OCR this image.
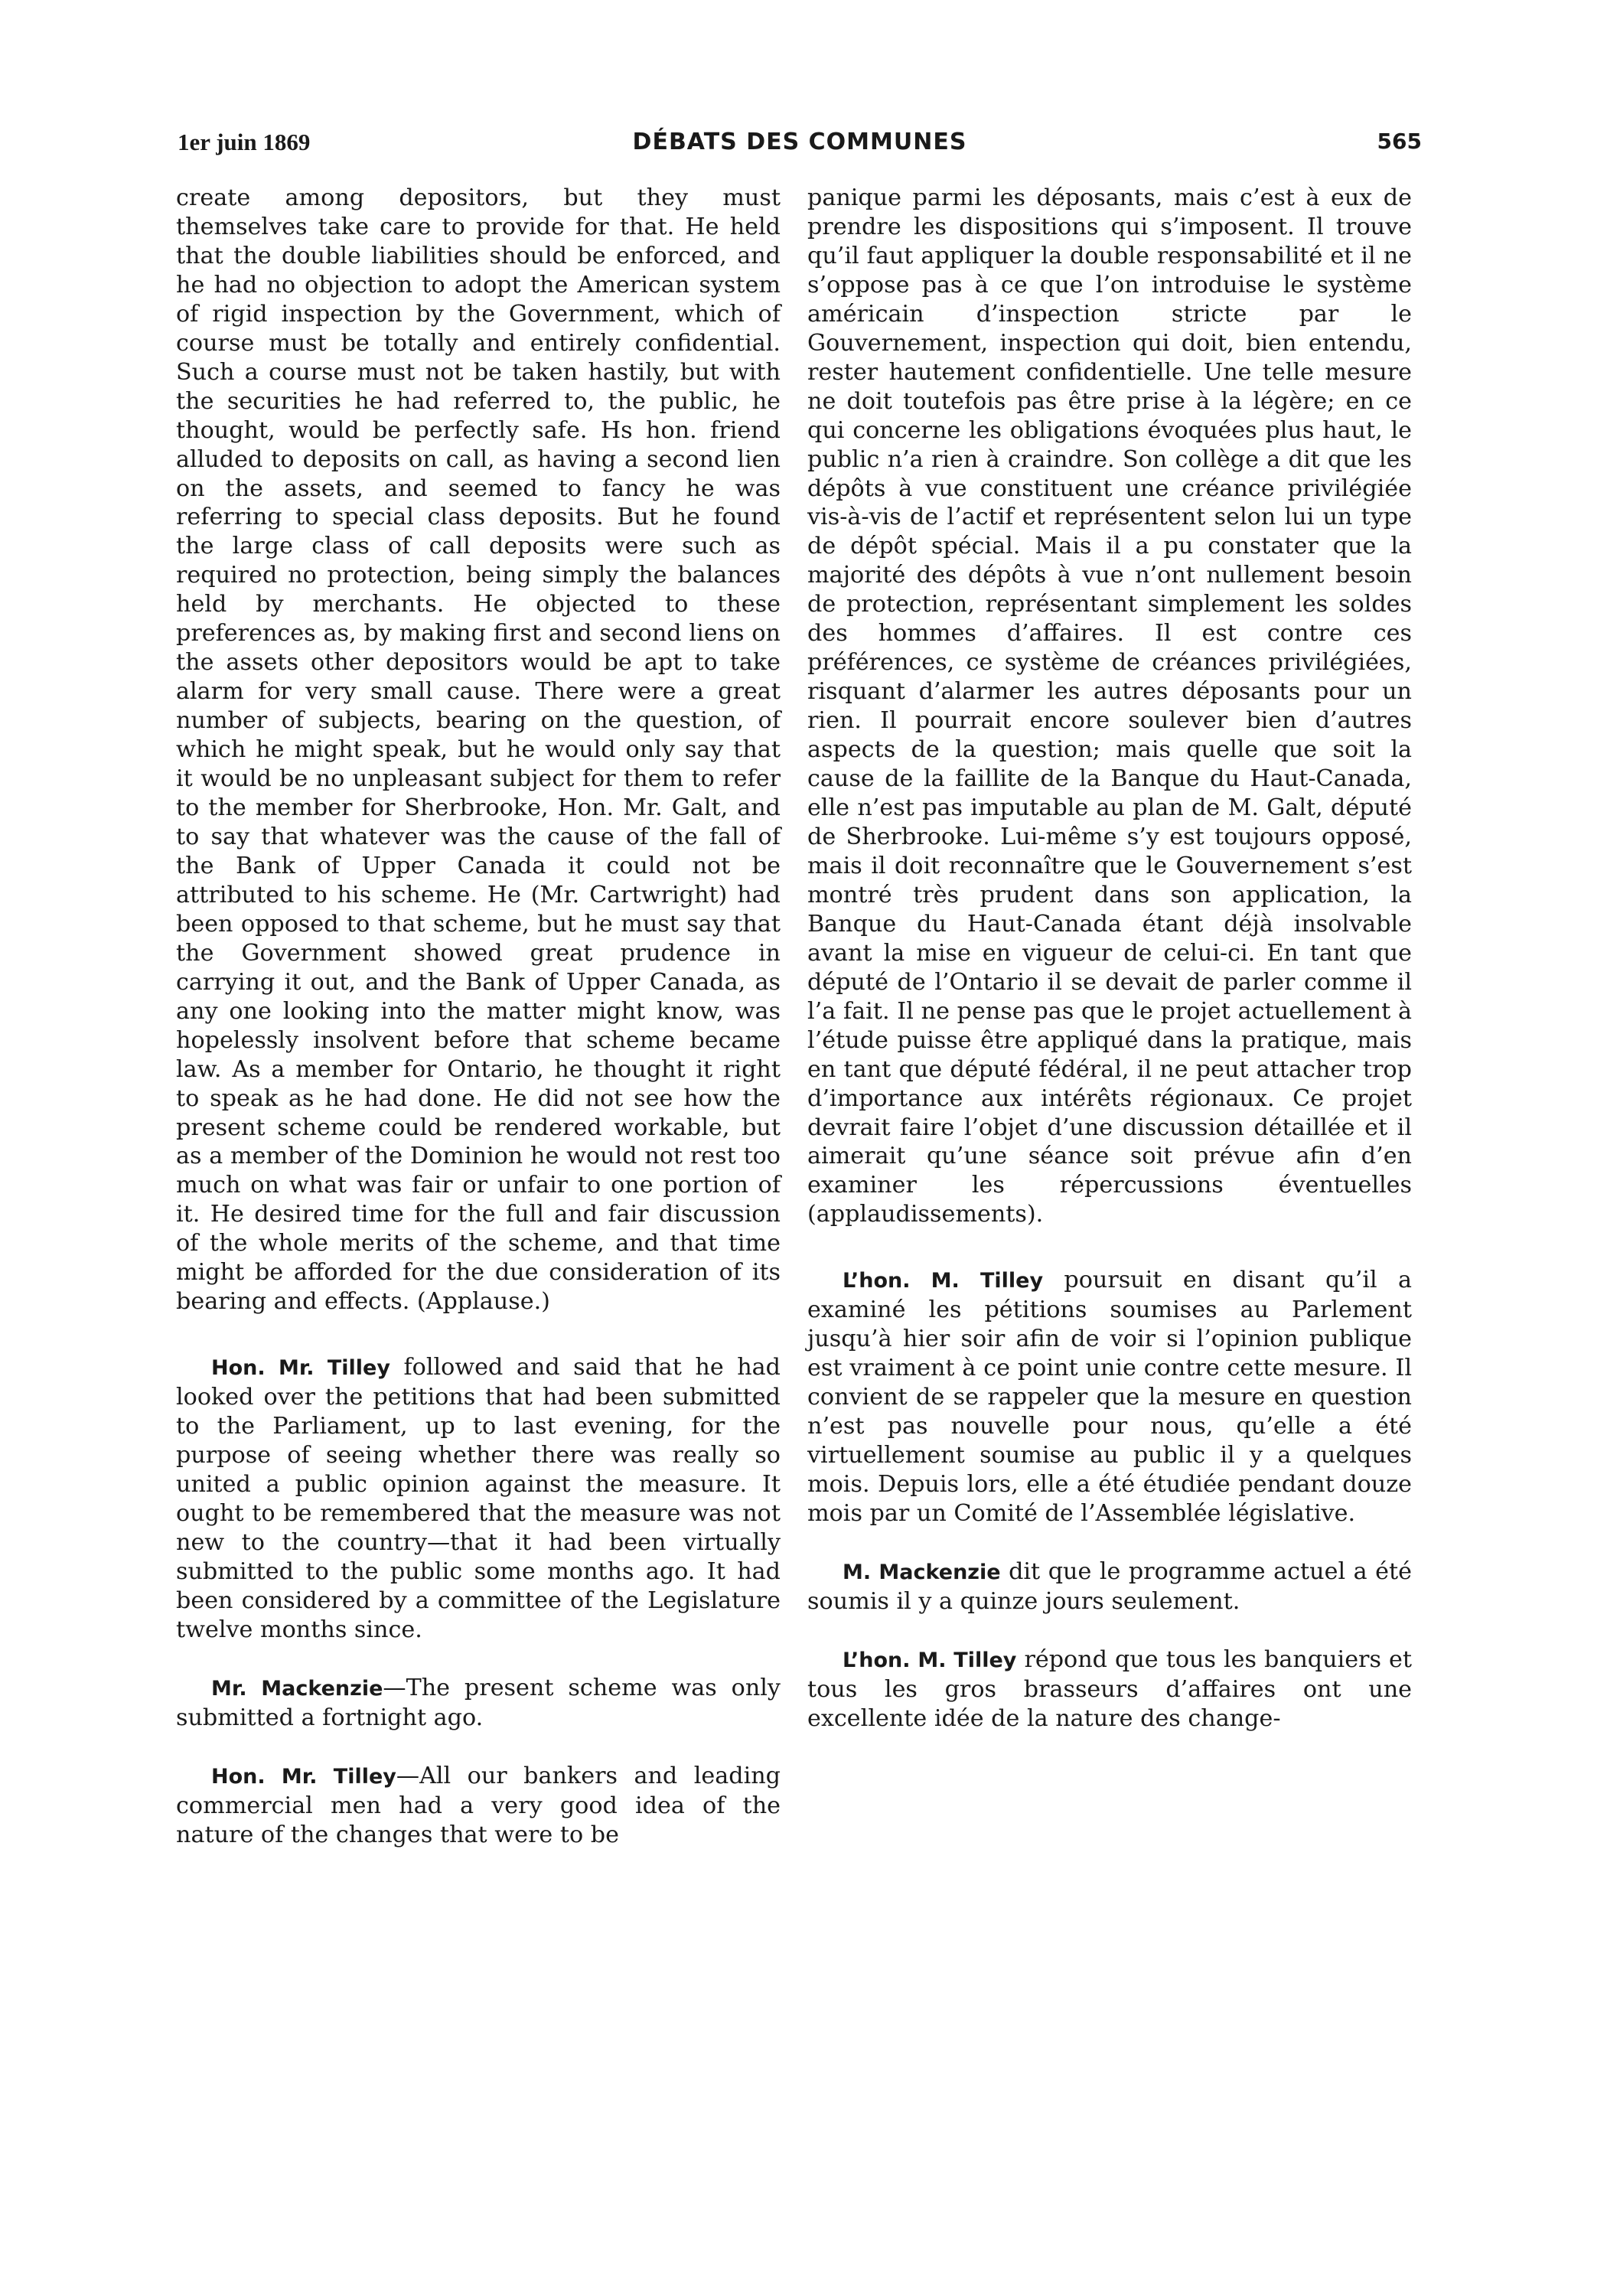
1er juin 1869	DÉBATS DES COMMUNES	565

create among depositors, but they must themselves take care to provide for that. He held that the double liabilities should be enforced, and he had no objection to adopt the American system of rigid inspection by the Government, which of course must be totally and entirely confidential. Such a course must not be taken hastily, but with the securities he had referred to, the public, he thought, would be perfectly safe. Hs hon. friend alluded to deposits on call, as having a second lien on the assets, and seemed to fancy he was referring to special class deposits. But he found the large class of call deposits were such as required no protection, being simply the balances held by merchants. He objected to these preferences as, by making first and second liens on the assets other depositors would be apt to take alarm for very small cause. There were a great number of subjects, bearing on the question, of which he might speak, but he would only say that it would be no unpleasant subject for them to refer to the member for Sherbrooke, Hon. Mr. Galt, and to say that whatever was the cause of the fall of the Bank of Upper Canada it could not be attributed to his scheme. He (Mr. Cartwright) had been opposed to that scheme, but he must say that the Government showed great prudence in carrying it out, and the Bank of Upper Canada, as any one looking into the matter might know, was hopelessly insolvent before that scheme became law. As a member for Ontario, he thought it right to speak as he had done. He did not see how the present scheme could be rendered workable, but as a member of the Dominion he would not rest too much on what was fair or unfair to one portion of it. He desired time for the full and fair discussion of the whole merits of the scheme, and that time might be afforded for the due consideration of its bearing and effects. (Applause.)

Hon. Mr. Tilley followed and said that he had looked over the petitions that had been submitted to the Parliament, up to last evening, for the purpose of seeing whether there was really so united a public opinion against the measure. It ought to be remembered that the measure was not new to the country—that it had been virtually submitted to the public some months ago. It had been considered by a committee of the Legislature twelve months since.

Mr. Mackenzie—The present scheme was only submitted a fortnight ago.

Hon. Mr. Tilley—All our bankers and leading commercial men had a very good idea of the nature of the changes that were to be

panique parmi les déposants, mais c’est à eux de prendre les dispositions qui s’imposent. Il trouve qu’il faut appliquer la double responsabilité et il ne s’oppose pas à ce que l’on introduise le système américain d’inspection stricte par le Gouvernement, inspection qui doit, bien entendu, rester hautement confidentielle. Une telle mesure ne doit toutefois pas être prise à la légère; en ce qui concerne les obligations évoquées plus haut, le public n’a rien à craindre. Son collège a dit que les dépôts à vue constituent une créance privilégiée vis-à-vis de l’actif et représentent selon lui un type de dépôt spécial. Mais il a pu constater que la majorité des dépôts à vue n’ont nullement besoin de protection, représentant simplement les soldes des hommes d’affaires. Il est contre ces préférences, ce système de créances privilégiées, risquant d’alarmer les autres déposants pour un rien. Il pourrait encore soulever bien d’autres aspects de la question; mais quelle que soit la cause de la faillite de la Banque du Haut-Canada, elle n’est pas imputable au plan de M. Galt, député de Sherbrooke. Lui-même s’y est toujours opposé, mais il doit reconnaître que le Gouvernement s’est montré très prudent dans son application, la Banque du Haut-Canada étant déjà insolvable avant la mise en vigueur de celui-ci. En tant que député de l’Ontario il se devait de parler comme il l’a fait. Il ne pense pas que le projet actuellement à l’étude puisse être appliqué dans la pratique, mais en tant que député fédéral, il ne peut attacher trop d’importance aux intérêts régionaux. Ce projet devrait faire l’objet d’une discussion détaillée et il aimerait qu’une séance soit prévue afin d’en examiner les répercussions éventuelles (applaudissements).

L’hon. M. Tilley poursuit en disant qu’il a examiné les pétitions soumises au Parlement jusqu’à hier soir afin de voir si l’opinion publique est vraiment à ce point unie contre cette mesure. Il convient de se rappeler que la mesure en question n’est pas nouvelle pour nous, qu’elle a été virtuellement soumise au public il y a quelques mois. Depuis lors, elle a été étudiée pendant douze mois par un Comité de l’Assemblée législative.

M. Mackenzie dit que le programme actuel a été soumis il y a quinze jours seulement.

L’hon. M. Tilley répond que tous les banquiers et tous les gros brasseurs d’affaires ont une excellente idée de la nature des change-
